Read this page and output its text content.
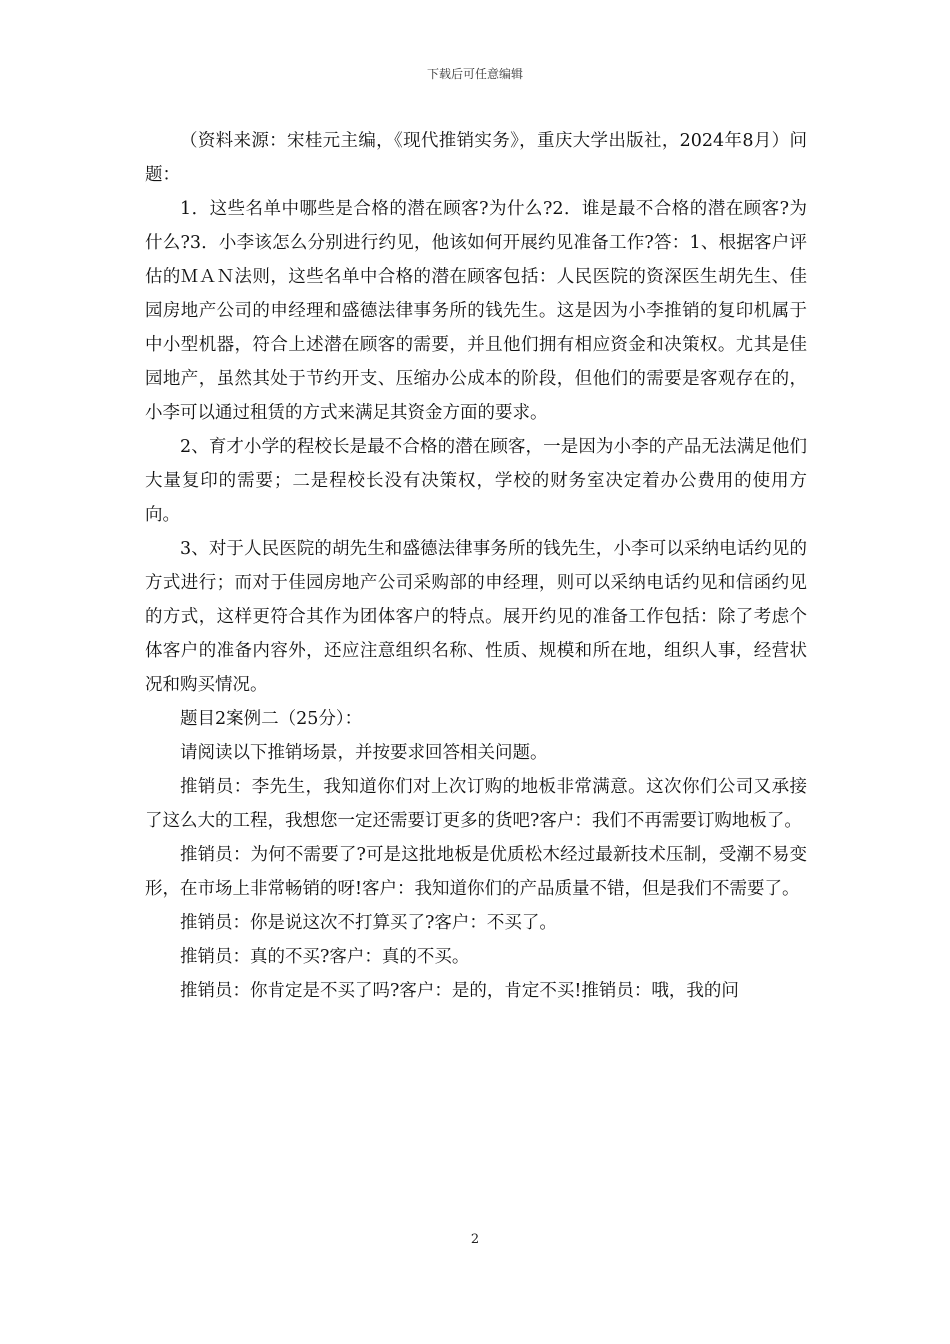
下载后可任意编辑

（资料来源：宋桂元主编，《现代推销实务》，重庆大学出版社，2024年8月）问题：

1．这些名单中哪些是合格的潜在顾客?为什么?2．谁是最不合格的潜在顾客?为什么?3．小李该怎么分别进行约见，他该如何开展约见准备工作?答：1、根据客户评估的ＭＡＮ法则，这些名单中合格的潜在顾客包括：人民医院的资深医生胡先生、佳园房地产公司的申经理和盛德法律事务所的钱先生。这是因为小李推销的复印机属于中小型机器，符合上述潜在顾客的需要，并且他们拥有相应资金和决策权。尤其是佳园地产，虽然其处于节约开支、压缩办公成本的阶段，但他们的需要是客观存在的，小李可以通过租赁的方式来满足其资金方面的要求。

2、育才小学的程校长是最不合格的潜在顾客，一是因为小李的产品无法满足他们大量复印的需要；二是程校长没有决策权，学校的财务室决定着办公费用的使用方向。

3、对于人民医院的胡先生和盛德法律事务所的钱先生，小李可以采纳电话约见的方式进行；而对于佳园房地产公司采购部的申经理，则可以采纳电话约见和信函约见的方式，这样更符合其作为团体客户的特点。展开约见的准备工作包括：除了考虑个体客户的准备内容外，还应注意组织名称、性质、规模和所在地，组织人事，经营状况和购买情况。

题目2案例二（25分）：

请阅读以下推销场景，并按要求回答相关问题。

推销员：李先生，我知道你们对上次订购的地板非常满意。这次你们公司又承接了这么大的工程，我想您一定还需要订更多的货吧?客户：我们不再需要订购地板了。

推销员：为何不需要了?可是这批地板是优质松木经过最新技术压制，受潮不易变形，在市场上非常畅销的呀!客户：我知道你们的产品质量不错，但是我们不需要了。

推销员：你是说这次不打算买了?客户：不买了。

推销员：真的不买?客户：真的不买。

推销员：你肯定是不买了吗?客户：是的，肯定不买!推销员：哦，我的问

2
